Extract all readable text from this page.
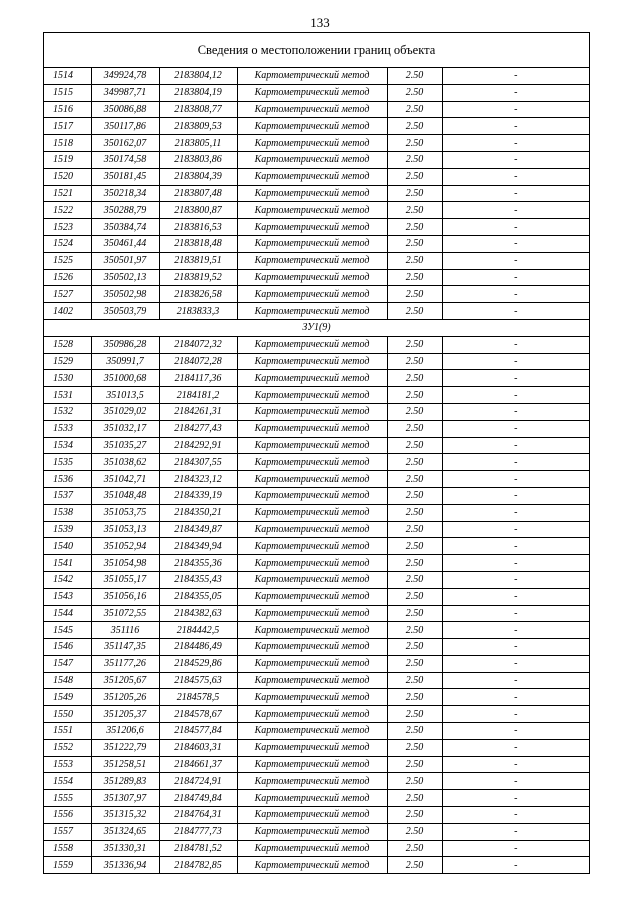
133
Сведения о местоположении границ объекта
1514	349924,78	2183804,12	Картометрический метод	2.50	-
1515	349987,71	2183804,19	Картометрический метод	2.50	-
1516	350086,88	2183808,77	Картометрический метод	2.50	-
1517	350117,86	2183809,53	Картометрический метод	2.50	-
1518	350162,07	2183805,11	Картометрический метод	2.50	-
1519	350174,58	2183803,86	Картометрический метод	2.50	-
1520	350181,45	2183804,39	Картометрический метод	2.50	-
1521	350218,34	2183807,48	Картометрический метод	2.50	-
1522	350288,79	2183800,87	Картометрический метод	2.50	-
1523	350384,74	2183816,53	Картометрический метод	2.50	-
1524	350461,44	2183818,48	Картометрический метод	2.50	-
1525	350501,97	2183819,51	Картометрический метод	2.50	-
1526	350502,13	2183819,52	Картометрический метод	2.50	-
1527	350502,98	2183826,58	Картометрический метод	2.50	-
1402	350503,79	2183833,3	Картометрический метод	2.50	-
ЗУ1(9)					
1528	350986,28	2184072,32	Картометрический метод	2.50	-
1529	350991,7	2184072,28	Картометрический метод	2.50	-
1530	351000,68	2184117,36	Картометрический метод	2.50	-
1531	351013,5	2184181,2	Картометрический метод	2.50	-
1532	351029,02	2184261,31	Картометрический метод	2.50	-
1533	351032,17	2184277,43	Картометрический метод	2.50	-
1534	351035,27	2184292,91	Картометрический метод	2.50	-
1535	351038,62	2184307,55	Картометрический метод	2.50	-
1536	351042,71	2184323,12	Картометрический метод	2.50	-
1537	351048,48	2184339,19	Картометрический метод	2.50	-
1538	351053,75	2184350,21	Картометрический метод	2.50	-
1539	351053,13	2184349,87	Картометрический метод	2.50	-
1540	351052,94	2184349,94	Картометрический метод	2.50	-
1541	351054,98	2184355,36	Картометрический метод	2.50	-
1542	351055,17	2184355,43	Картометрический метод	2.50	-
1543	351056,16	2184355,05	Картометрический метод	2.50	-
1544	351072,55	2184382,63	Картометрический метод	2.50	-
1545	351116	2184442,5	Картометрический метод	2.50	-
1546	351147,35	2184486,49	Картометрический метод	2.50	-
1547	351177,26	2184529,86	Картометрический метод	2.50	-
1548	351205,67	2184575,63	Картометрический метод	2.50	-
1549	351205,26	2184578,5	Картометрический метод	2.50	-
1550	351205,37	2184578,67	Картометрический метод	2.50	-
1551	351206,6	2184577,84	Картометрический метод	2.50	-
1552	351222,79	2184603,31	Картометрический метод	2.50	-
1553	351258,51	2184661,37	Картометрический метод	2.50	-
1554	351289,83	2184724,91	Картометрический метод	2.50	-
1555	351307,97	2184749,84	Картометрический метод	2.50	-
1556	351315,32	2184764,31	Картометрический метод	2.50	-
1557	351324,65	2184777,73	Картометрический метод	2.50	-
1558	351330,31	2184781,52	Картометрический метод	2.50	-
1559	351336,94	2184782,85	Картометрический метод	2.50	-
